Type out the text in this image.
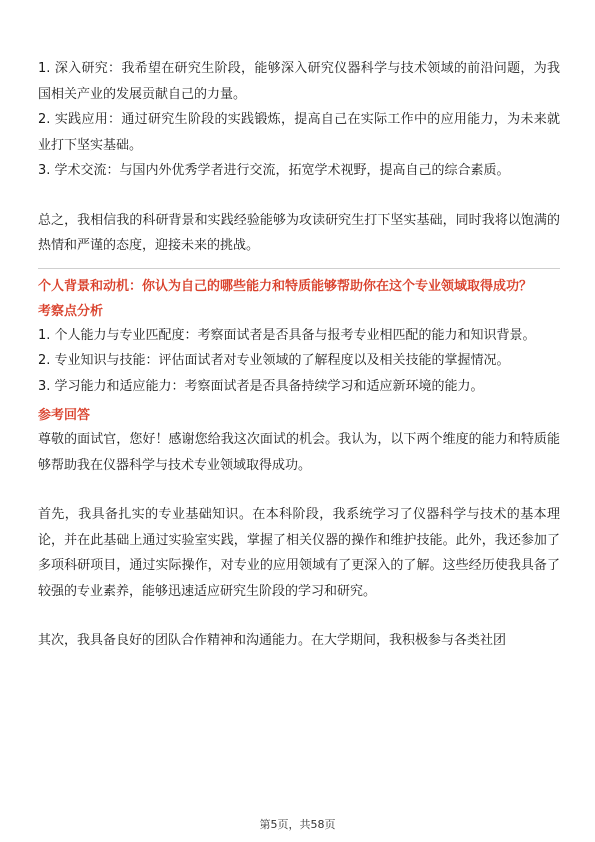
1. 深入研究：我希望在研究生阶段，能够深入研究仪器科学与技术领域的前沿问题，为我国相关产业的发展贡献自己的力量。

2. 实践应用：通过研究生阶段的实践锻炼，提高自己在实际工作中的应用能力，为未来就业打下坚实基础。

3. 学术交流：与国内外优秀学者进行交流，拓宽学术视野，提高自己的综合素质。

总之，我相信我的科研背景和实践经验能够为攻读研究生打下坚实基础，同时我将以饱满的热情和严谨的态度，迎接未来的挑战。

个人背景和动机：你认为自己的哪些能力和特质能够帮助你在这个专业领域取得成功？

考察点分析

1. 个人能力与专业匹配度：考察面试者是否具备与报考专业相匹配的能力和知识背景。

2. 专业知识与技能：评估面试者对专业领域的了解程度以及相关技能的掌握情况。

3. 学习能力和适应能力：考察面试者是否具备持续学习和适应新环境的能力。

参考回答

尊敬的面试官，您好！感谢您给我这次面试的机会。我认为，以下两个维度的能力和特质能够帮助我在仪器科学与技术专业领域取得成功。

首先，我具备扎实的专业基础知识。在本科阶段，我系统学习了仪器科学与技术的基本理论，并在此基础上通过实验室实践，掌握了相关仪器的操作和维护技能。此外，我还参加了多项科研项目，通过实际操作，对专业的应用领域有了更深入的了解。这些经历使我具备了较强的专业素养，能够迅速适应研究生阶段的学习和研究。

其次，我具备良好的团队合作精神和沟通能力。在大学期间，我积极参与各类社团

第5页，共58页
